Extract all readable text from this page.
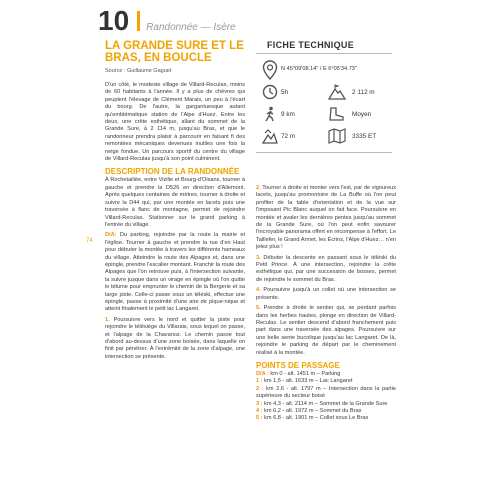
10 Randonnée — Isère
LA GRANDE SURE ET LE BRAS, EN BOUCLE
Source : Guillaume Gaguet
74

D'un côté, le modeste village de Villard-Reculas, moins de 60 habitants à l'année. Il y a plus de chèvres qui peuplent l'élevage de Clément Marais, un peu à l'écart du bourg. De l'autre, la gargantuesque autant qu'emblématique station de l'Alpe d'Huez. Entre les deux, une crête esthétique, allant du sommet de la Grande Sure, à 2 114 m, jusqu'au Bras, et que le randonneur prendra plaisir à parcourir en faisant fi des remontées mécaniques devenues inutiles une fois la neige fondue. Un parcours sportif du centre du village de Villard-Reculas jusqu'à son point culminent.

DESCRIPTION DE LA RANDONNÉE

À Rochetaillée, entre Vizille et Bourg-d'Oisans, tourner à gauche et prendre la D526 en direction d'Allemont. Après quelques centaines de mètres, tourner à droite et suivre la D44 qui, par une montée en lacets puis une traversée à flanc de montagne, permet de rejoindre Villard-Reculas. Stationner sur le grand parking à l'entrée du village.

D/A: Du parking, rejoindre par la route la mairie et l'église. Tourner à gauche et prendre la rue d'en Haut pour débuter la montée à travers les différents hameaux du village. Atteindre la route des Alpages et, dans une épingle, prendre l'escalier montant. Franchir la route des Alpages que l'on retrouve puis, à l'intersection suivante, la suivre jusque dans un virage en épingle où l'on quitte le bitume pour emprunter le chemin de la Bergerie et sa large piste. Celle-ci passe sous un téléski, effectue une épingle, passe à proximité d'une aire de pique-nique et atteint finalement le petit lac Langaret.

1. Poursuivre vers le nord et quitter la piste pour rejoindre le télésiège du Villarais, sous lequel on passe, et l'alpage de la Chavanoz. Le chemin passe tout d'abord au-dessus d'une zone boisée, dans laquelle on finit par pénétrer. À l'extrémité de la zone d'alpage, une intersection se présente.

FICHE TECHNIQUE
N 45°09'08.14" / E 6°05'34.73"
5h	2 112 m
9 km	Moyen
72 m	3335 ET

2. Tourner à droite et monter vers l'est, par de vigoureux lacets, jusqu'au promontoire de La Buffe où l'on peut profiter de la table d'orientation et de la vue sur l'imposant Pic Blanc auquel on fait face. Poursuivre en montée et avaler les dernières pentes jusqu'au sommet de la Grande Sure, où l'on peut enfin savourer l'incroyable panorama offert en récompense à l'effort. Le Taillefer, le Grand Armet, les Écrins, l'Alpe d'Huez… n'en jetez plus !

3. Débuter la descente en passant sous le téléski du Petit Prince. À une intersection, rejoindre la crête esthétique qui, par une succession de bosses, permet de rejoindre le sommet du Bras.

4. Poursuivre jusqu'à un collet où une intersection se présente.

5. Prendre à droite le sentier qui, se perdant parfois dans les herbes hautes, plonge en direction de Villard-Reculas. Le sentier descend d'abord franchement puis part dans une traversée des alpages. Poursuivre sur une belle sente bucolique jusqu'au lac Langaret. De là, rejoindre le parking de départ par le cheminement réalisé à la montée.

POINTS DE PASSAGE
D/A : km 0 - alt. 1451 m – Parking
1 : km 1,5 - alt. 1633 m – Lac Langaret
2 : km 2,6 - alt. 1797 m – Intersection dans la partie supérieure du secteur boisé
3 : km 4,3 - alt. 2114 m – Sommet de la Grande Sure
4 : km 6,2 - alt. 1972 m – Sommet du Bras
5 : km 6,8 - alt. 1901 m – Collet sous Le Bras
